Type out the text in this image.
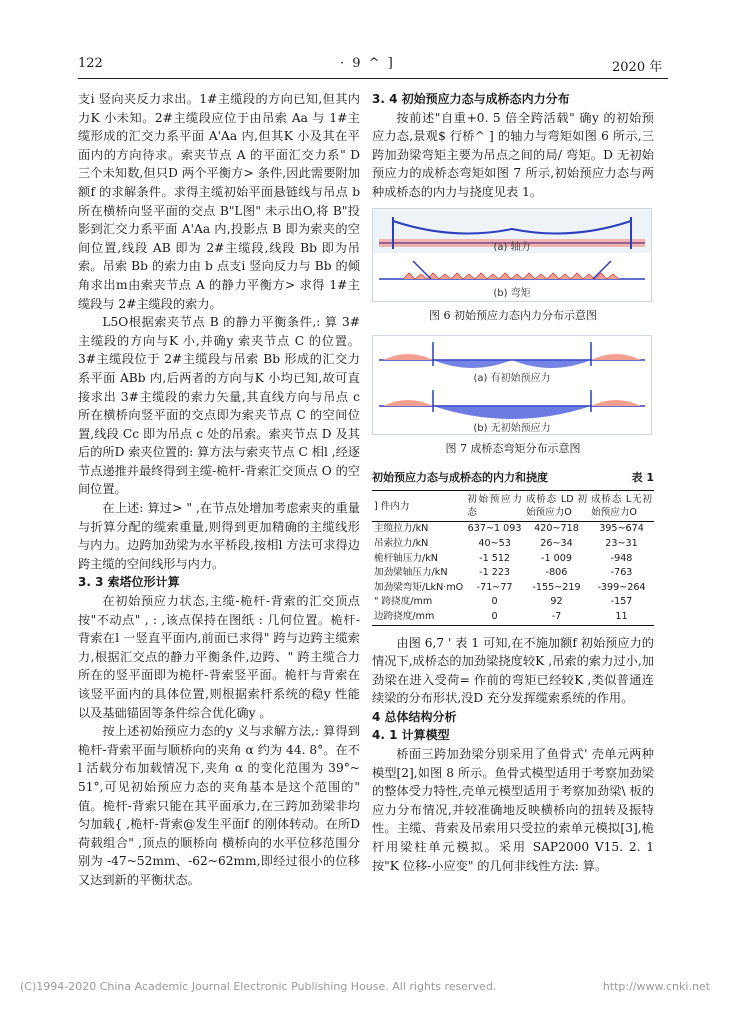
122	· 9 ^ ]	2020 年

支i 竖向夹反力求出。1#主缆段的方向已知,但其内力K 小未知。2#主缆段应位于由吊索 Aa 与 1#主缆形成的汇交力系平面 A'Aa 内,但其K 小及其在平面内的方向待求。索夹节点 A 的平面汇交力系" D 三个未知数,但只D 两个平衡方> 条件,因此需要附加额f 的求解条件。求得主缆初始平面悬链线与吊点 b 所在横桥向竖平面的交点 B"L图" 未示出O,将 B"投影到汇交力系平面 A'Aa 内,投影点 B 即为索夹的空间位置,线段 AB 即为 2#主缆段,线段 Bb 即为吊索。吊索 Bb 的索力由 b 点支i 竖向反力与 Bb 的倾角求出m由索夹节点 A 的静力平衡方> 求得 1#主缆段与 2#主缆段的索力。

L5O根据索夹节点 B 的静力平衡条件,: 算 3#主缆段的方向与K 小,并确y 索夹节点 C 的位置。3#主缆段位于 2#主缆段与吊索 Bb 形成的汇交力系平面 ABb 内,后两者的方向与K 小均已知,故可直接求出 3#主缆段的索力矢量,其直线方向与吊点 c 所在横桥向竖平面的交点即为索夹节点 C 的空间位置,线段 Cc 即为吊点 c 处的吊索。索夹节点 D 及其后的所D 索夹位置的: 算方法与索夹节点 C 相l ,经逐节点递推并最终得到主缆-桅杆-背索汇交顶点 O 的空间位置。

在上述: 算过> " ,在节点处增加考虑索夹的重量与折算分配的缆索重量,则得到更加精确的主缆线形与内力。边跨加劲梁为水平桥段,按相l 方法可求得边跨主缆的空间线形与内力。

3. 3 索塔位形计算

在初始预应力状态,主缆-桅杆-背索的汇交顶点按"不动点" , : ,该点保持在图纸 : 几何位置。桅杆-背索在l 一竖直平面内,前面已求得" 跨与边跨主缆索力,根据汇交点的静力平衡条件,边跨、" 跨主缆合力所在的竖平面即为桅杆-背索竖平面。桅杆与背索在该竖平面内的具体位置,则根据索杆系统的稳y 性能以及基础锚固等条件综合优化确y 。

按上述初始预应力态的y 义与求解方法,: 算得到桅杆-背索平面与顺桥向的夹角 α 约为 44. 8°。在不l 活载分布加载情况下,夹角 α 的变化范围为 39°~ 51°,可见初始预应力态的夹角基本是这个范围的" 值。桅杆-背索只能在其平面承力,在三跨加劲梁非均匀加载{ ,桅杆-背索@发生平面f 的刚体转动。在所D 荷载组合" ,顶点的顺桥向 横桥向的水平位移范围分别为 -47~52mm、-62~62mm,即经过很小的位移又达到新的平衡状态。

3. 4 初始预应力态与成桥态内力分布

按前述"自重+0. 5 倍全跨活载" 确y 的初始预应力态,景观$ 行桥^ ] 的轴力与弯矩如图 6 所示,三跨加劲梁弯矩主要为吊点之间的局/ 弯矩。D 无初始预应力的成桥态弯矩如图 7 所示,初始预应力态与两种成桥态的内力与挠度见表 1。

(a) 轴力
(b) 弯矩
图 6 初始预应力态内力分布示意图
(a) 有初始预应力
(b) 无初始预应力
图 7 成桥态弯矩分布示意图
初始预应力态与成桥态的内力和挠度	表 1
] 件内力	初始预应力态	成桥态 LD 初始预应力O	成桥态 L无初始预应力O
主缆拉力/kN	637~1 093	420~718	395~674
吊索拉力/kN	40~53	26~34	23~31
桅杆轴压力/kN	-1 512	-1 009	-948
加劲梁轴压力/kN	-1 223	-806	-763
加劲梁弯矩/LkN·mO	-71~77	-155~219	-399~264
" 跨挠度/mm	0	92	-157
边跨挠度/mm	0	-7	11

由图 6,7 ' 表 1 可知,在不施加额f 初始预应力的情况下,成桥态的加劲梁挠度较K ,吊索的索力过小,加劲梁在进入受荷= 作前的弯矩已经较K ,类似普通连续梁的分布形状,没D 充分发挥缆索系统的作用。

4 总体结构分析

4. 1 计算模型

桥面三跨加劲梁分别采用了鱼骨式' 壳单元两种模型[2],如图 8 所示。鱼骨式模型适用于考察加劲梁的整体受力特性,壳单元模型适用于考察加劲梁\ 板的应力分布情况,并较准确地反映横桥向的扭转及振特性。主缆、背索及吊索用只受拉的索单元模拟[3],桅杆用梁柱单元模拟。采用 SAP2000 V15. 2. 1 按"K 位移-小应变" 的几何非线性方法: 算。

(C)1994-2020 China Academic Journal Electronic Publishing House. All rights reserved.	http://www.cnki.net
